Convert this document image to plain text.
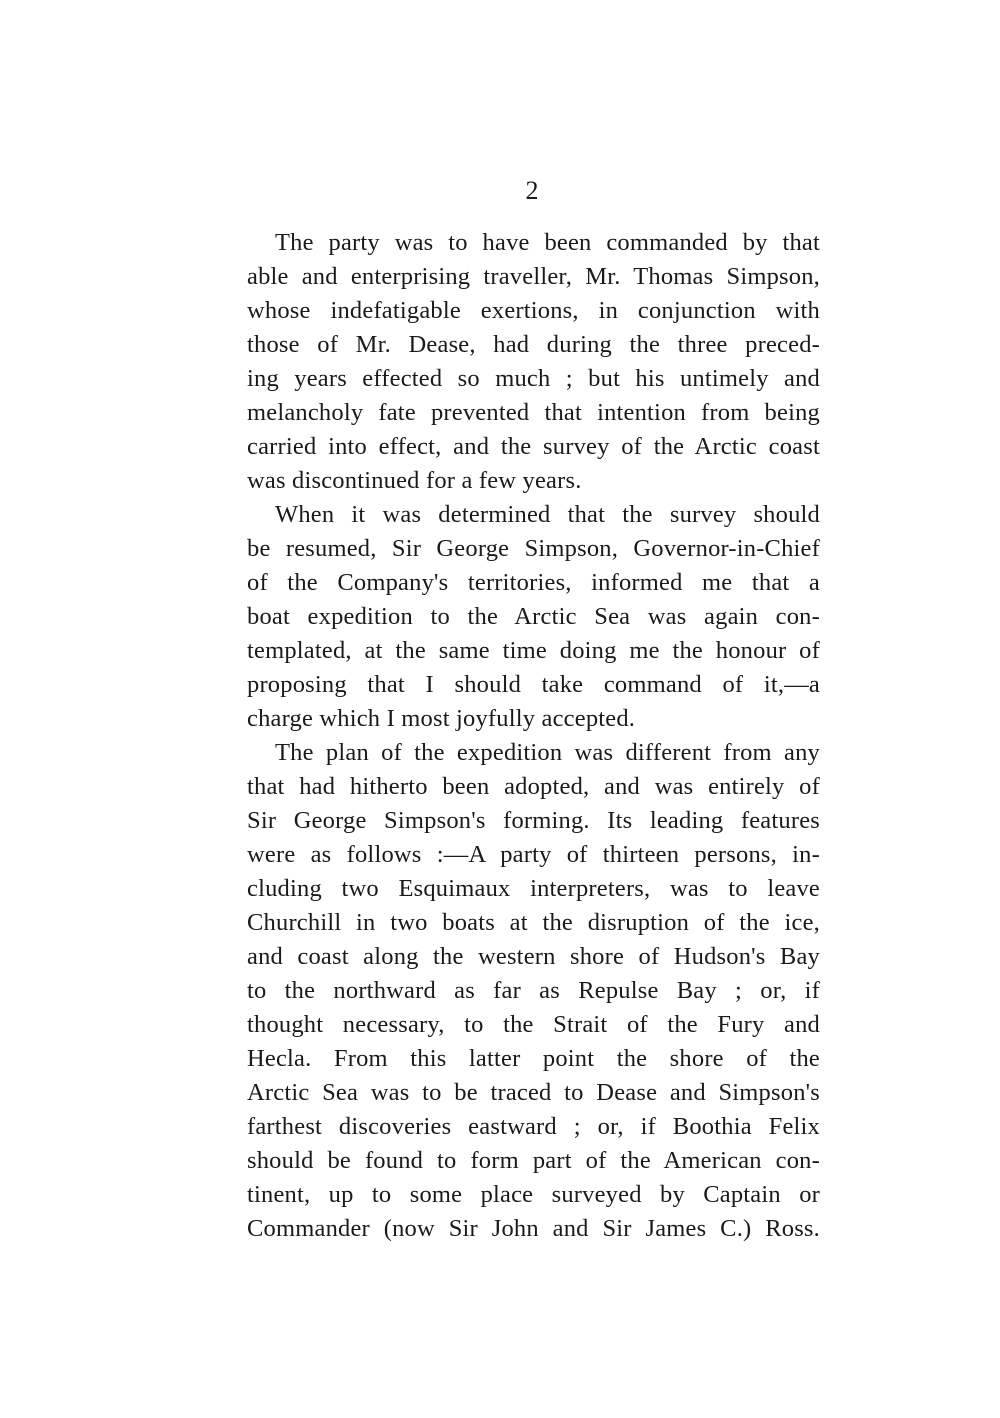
2
The party was to have been commanded by that
able and enterprising traveller, Mr. Thomas Simpson,
whose indefatigable exertions, in conjunction with
those of Mr. Dease, had during the three preced-
ing years effected so much ; but his untimely and
melancholy fate prevented that intention from being
carried into effect, and the survey of the Arctic coast
was discontinued for a few years.
When it was determined that the survey should
be resumed, Sir George Simpson, Governor-in-Chief
of the Company's territories, informed me that a
boat expedition to the Arctic Sea was again con-
templated, at the same time doing me the honour of
proposing that I should take command of it,—a
charge which I most joyfully accepted.
The plan of the expedition was different from any
that had hitherto been adopted, and was entirely of
Sir George Simpson's forming. Its leading features
were as follows :—A party of thirteen persons, in-
cluding two Esquimaux interpreters, was to leave
Churchill in two boats at the disruption of the ice,
and coast along the western shore of Hudson's Bay
to the northward as far as Repulse Bay ; or, if
thought necessary, to the Strait of the Fury and
Hecla. From this latter point the shore of the
Arctic Sea was to be traced to Dease and Simpson's
farthest discoveries eastward ; or, if Boothia Felix
should be found to form part of the American con-
tinent, up to some place surveyed by Captain or
Commander (now Sir John and Sir James C.) Ross.
